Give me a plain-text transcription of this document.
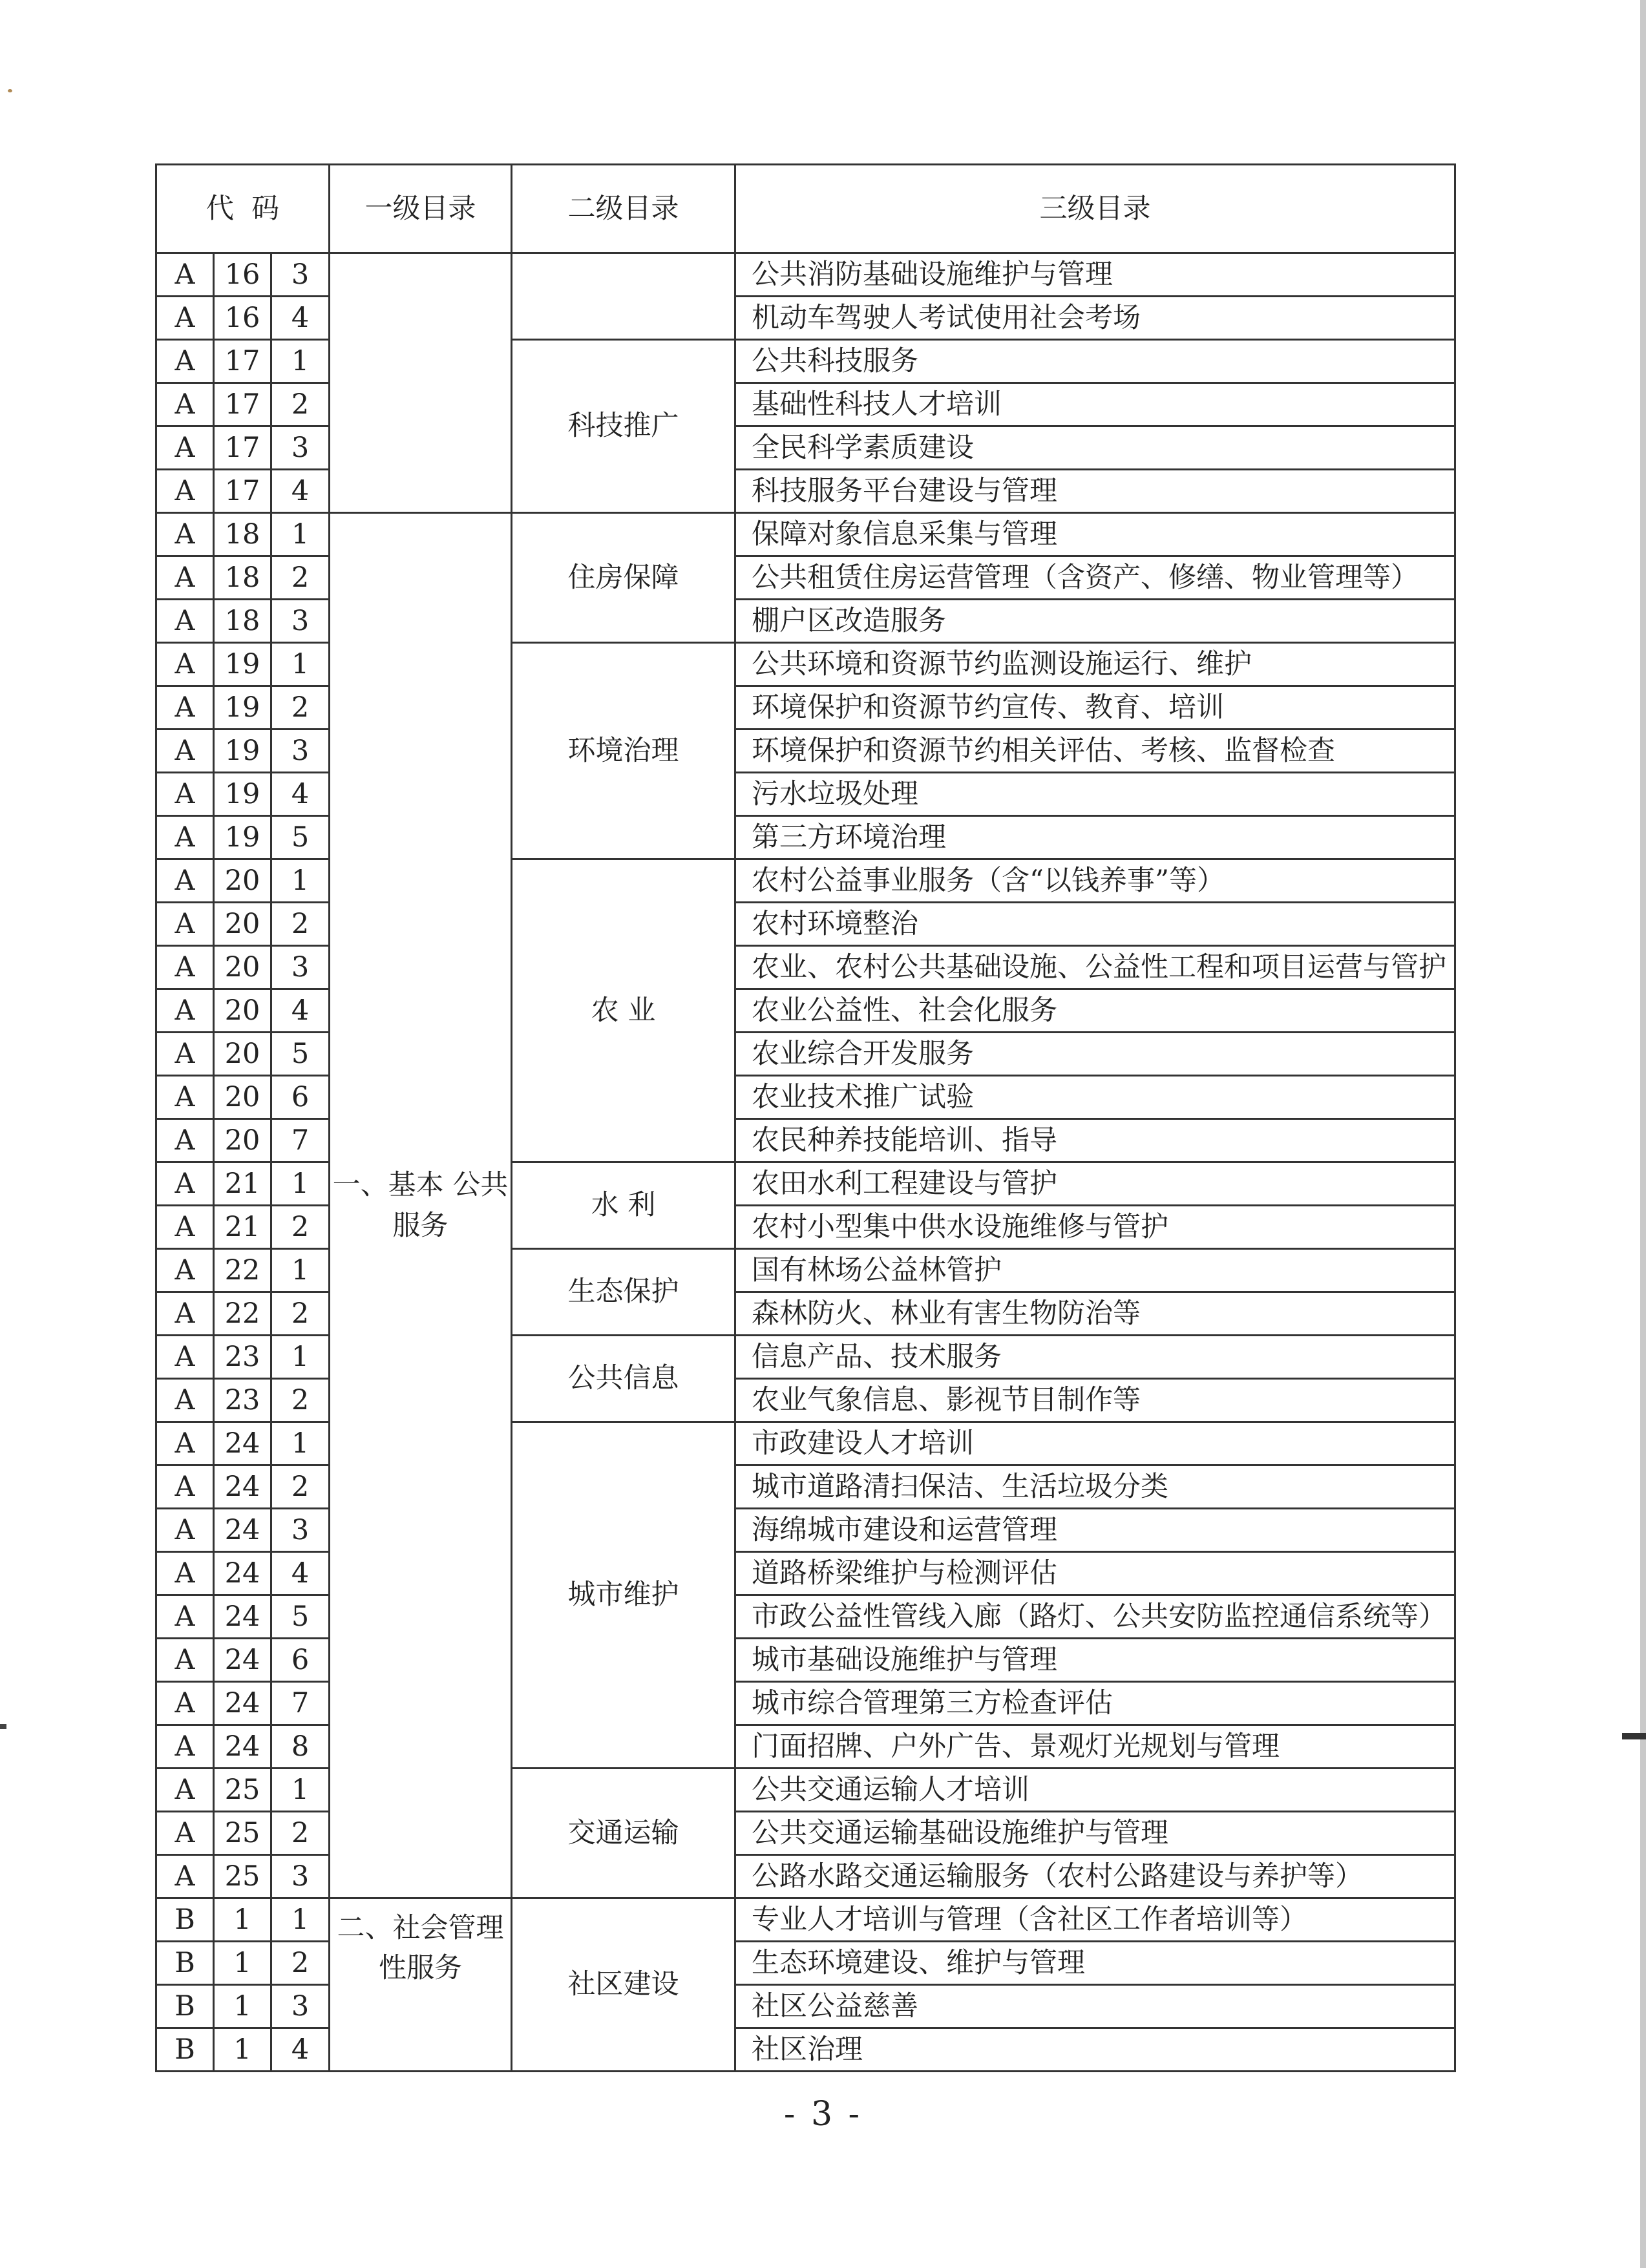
代  码			一级目录	二级目录	三级目录
A	16	3			公共消防基础设施维护与管理
A	16	4			机动车驾驶人考试使用社会考场
A	17	1		科技推广	公共科技服务
A	17	2			基础性科技人才培训
A	17	3			全民科学素质建设
A	17	4			科技服务平台建设与管理
A	18	1	一、基本 公共服务	住房保障	保障对象信息采集与管理
A	18	2			公共租赁住房运营管理（含资产、修缮、物业管理等）
A	18	3			棚户区改造服务
A	19	1		环境治理	公共环境和资源节约监测设施运行、维护
A	19	2			环境保护和资源节约宣传、教育、培训
A	19	3			环境保护和资源节约相关评估、考核、监督检查
A	19	4			污水垃圾处理
A	19	5			第三方环境治理
A	20	1		农 业	农村公益事业服务（含“以钱养事”等）
A	20	2			农村环境整治
A	20	3			农业、农村公共基础设施、公益性工程和项目运营与管护
A	20	4			农业公益性、社会化服务
A	20	5			农业综合开发服务
A	20	6			农业技术推广试验
A	20	7			农民种养技能培训、指导
A	21	1		水 利	农田水利工程建设与管护
A	21	2			农村小型集中供水设施维修与管护
A	22	1		生态保护	国有林场公益林管护
A	22	2			森林防火、林业有害生物防治等
A	23	1		公共信息	信息产品、技术服务
A	23	2			农业气象信息、影视节目制作等
A	24	1		城市维护	市政建设人才培训
A	24	2			城市道路清扫保洁、生活垃圾分类
A	24	3			海绵城市建设和运营管理
A	24	4			道路桥梁维护与检测评估
A	24	5			市政公益性管线入廊（路灯、公共安防监控通信系统等）
A	24	6			城市基础设施维护与管理
A	24	7			城市综合管理第三方检查评估
A	24	8			门面招牌、户外广告、景观灯光规划与管理
A	25	1		交通运输	公共交通运输人才培训
A	25	2			公共交通运输基础设施维护与管理
A	25	3			公路水路交通运输服务（农村公路建设与养护等）
B	1	1	二、社会管理 性服务	社区建设	专业人才培训与管理（含社区工作者培训等）
B	1	2			生态环境建设、维护与管理
B	1	3			社区公益慈善
B	1	4			社区治理
- 3 -
